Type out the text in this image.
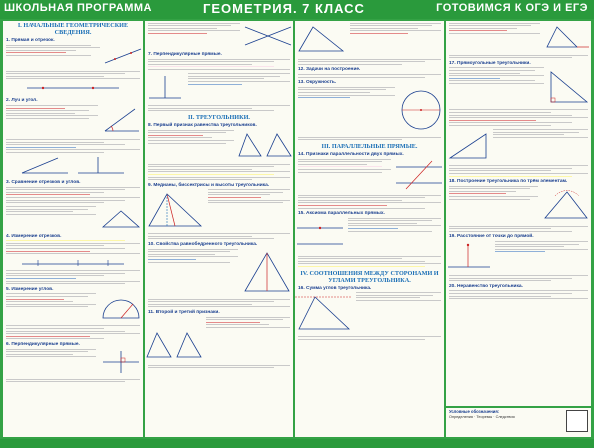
ШКОЛЬНАЯ ПРОГРАММА	ГЕОМЕТРИЯ. 7 КЛАСС	ГОТОВИМСЯ К ОГЭ И ЕГЭ
I. НАЧАЛЬНЫЕ ГЕОМЕТРИЧЕСКИЕ СВЕДЕНИЯ.
1. Прямая и отрезок.
2. Луч и угол.
3. Сравнение отрезков и углов.
4. Измерение отрезков.
5. Измерение углов.
6. Перпендикулярные прямые.
7. Перпендикулярные прямые.
II. ТРЕУГОЛЬНИКИ.
8. Первый признак равенства треугольников.
9. Медианы, биссектрисы и высоты треугольника.
10. Свойства равнобедренного треугольника.
11. Второй и третий признаки.
12. Задачи на построение.
13. Окружность.
III. ПАРАЛЛЕЛЬНЫЕ ПРЯМЫЕ.
14. Признаки параллельности двух прямых.
15. Аксиома параллельных прямых.
IV. СООТНОШЕНИЯ МЕЖДУ СТОРОНАМИ И УГЛАМИ ТРЕУГОЛЬНИКА.
16. Сумма углов треугольника.
17. Прямоугольные треугольники.
18. Построение треугольника по трём элементам.
19. Расстояние от точки до прямой.
20. Неравенство треугольника.
Условные обозначения:
Определения · Теоремы · Следствия
